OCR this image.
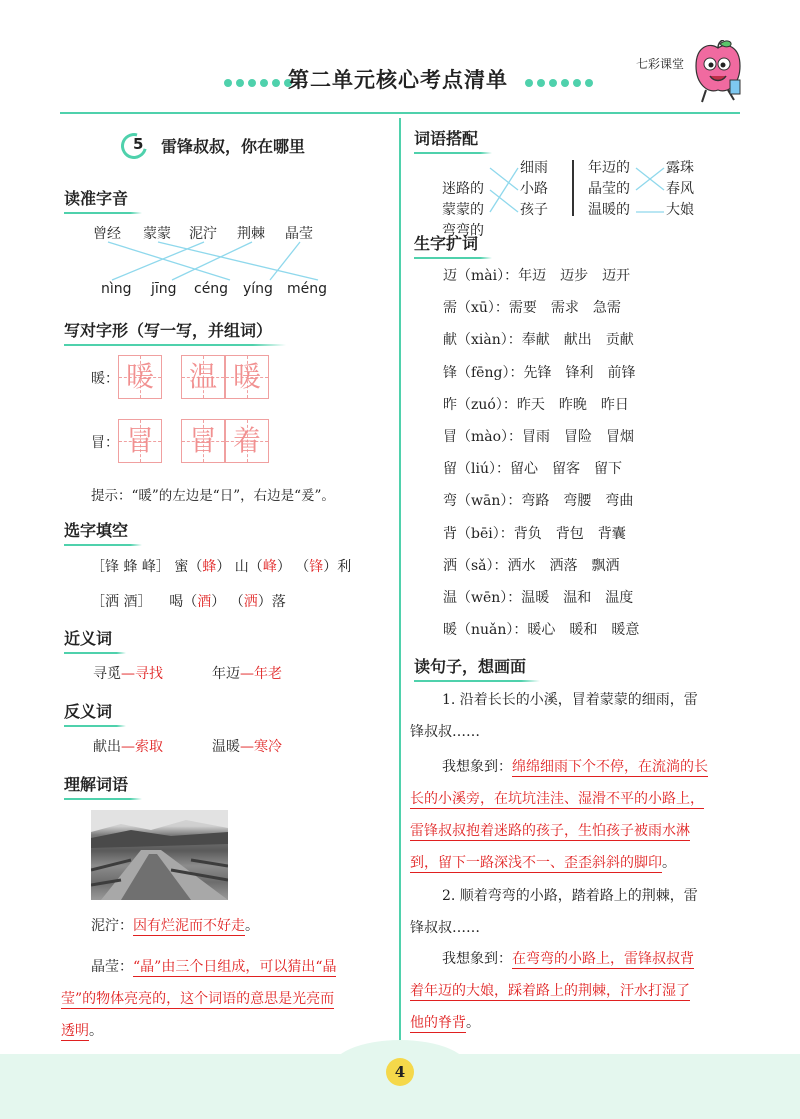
第二单元核心考点清单
七彩课堂
5 雷锋叔叔，你在哪里
读准字音
曾经 蒙蒙 泥泞 荆棘 晶莹
nìng jīng céng yíng méng
写对字形（写一写，并组词）
暖： 暖 温 暖
冒： 冒 冒 着
提示：“暖”的左边是“日”，右边是“爰”。
选字填空
［锋 蜂 峰］ 蜜（蜂） 山（峰） （锋）利
［洒 酒］ 喝（酒） （洒）落
近义词
寻觅—寻找	年迈—年老
反义词
献出—索取	温暖—寒冷
理解词语
泥泞：因有烂泥而不好走。
晶莹：“晶”由三个日组成，可以猜出“晶
莹”的物体亮亮的，这个词语的意思是光亮而
透明。
词语搭配

迷路的
蒙蒙的
弯弯的

细雨
小路
孩子
年迈的
晶莹的
温暖的
露珠
春风
大娘
生字扩词
迈（mài）：年迈　迈步　迈开
需（xū）：需要　需求　急需
献（xiàn）：奉献　献出　贡献
锋（fēng）：先锋　锋利　前锋
昨（zuó）：昨天　昨晚　昨日
冒（mào）：冒雨　冒险　冒烟
留（liú）：留心　留客　留下
弯（wān）：弯路　弯腰　弯曲
背（bēi）：背负　背包　背囊
洒（sǎ）：洒水　洒落　飘洒
温（wēn）：温暖　温和　温度
暖（nuǎn）：暖心　暖和　暖意
读句子，想画面
1. 沿着长长的小溪，冒着蒙蒙的细雨，雷
锋叔叔……
我想象到：绵绵细雨下个不停，在流淌的长
长的小溪旁，在坑坑洼洼、湿滑不平的小路上，
雷锋叔叔抱着迷路的孩子，生怕孩子被雨水淋
到，留下一路深浅不一、歪歪斜斜的脚印。
2. 顺着弯弯的小路，踏着路上的荆棘，雷
锋叔叔……
我想象到：在弯弯的小路上，雷锋叔叔背
着年迈的大娘，踩着路上的荆棘，汗水打湿了
他的脊背。
4
